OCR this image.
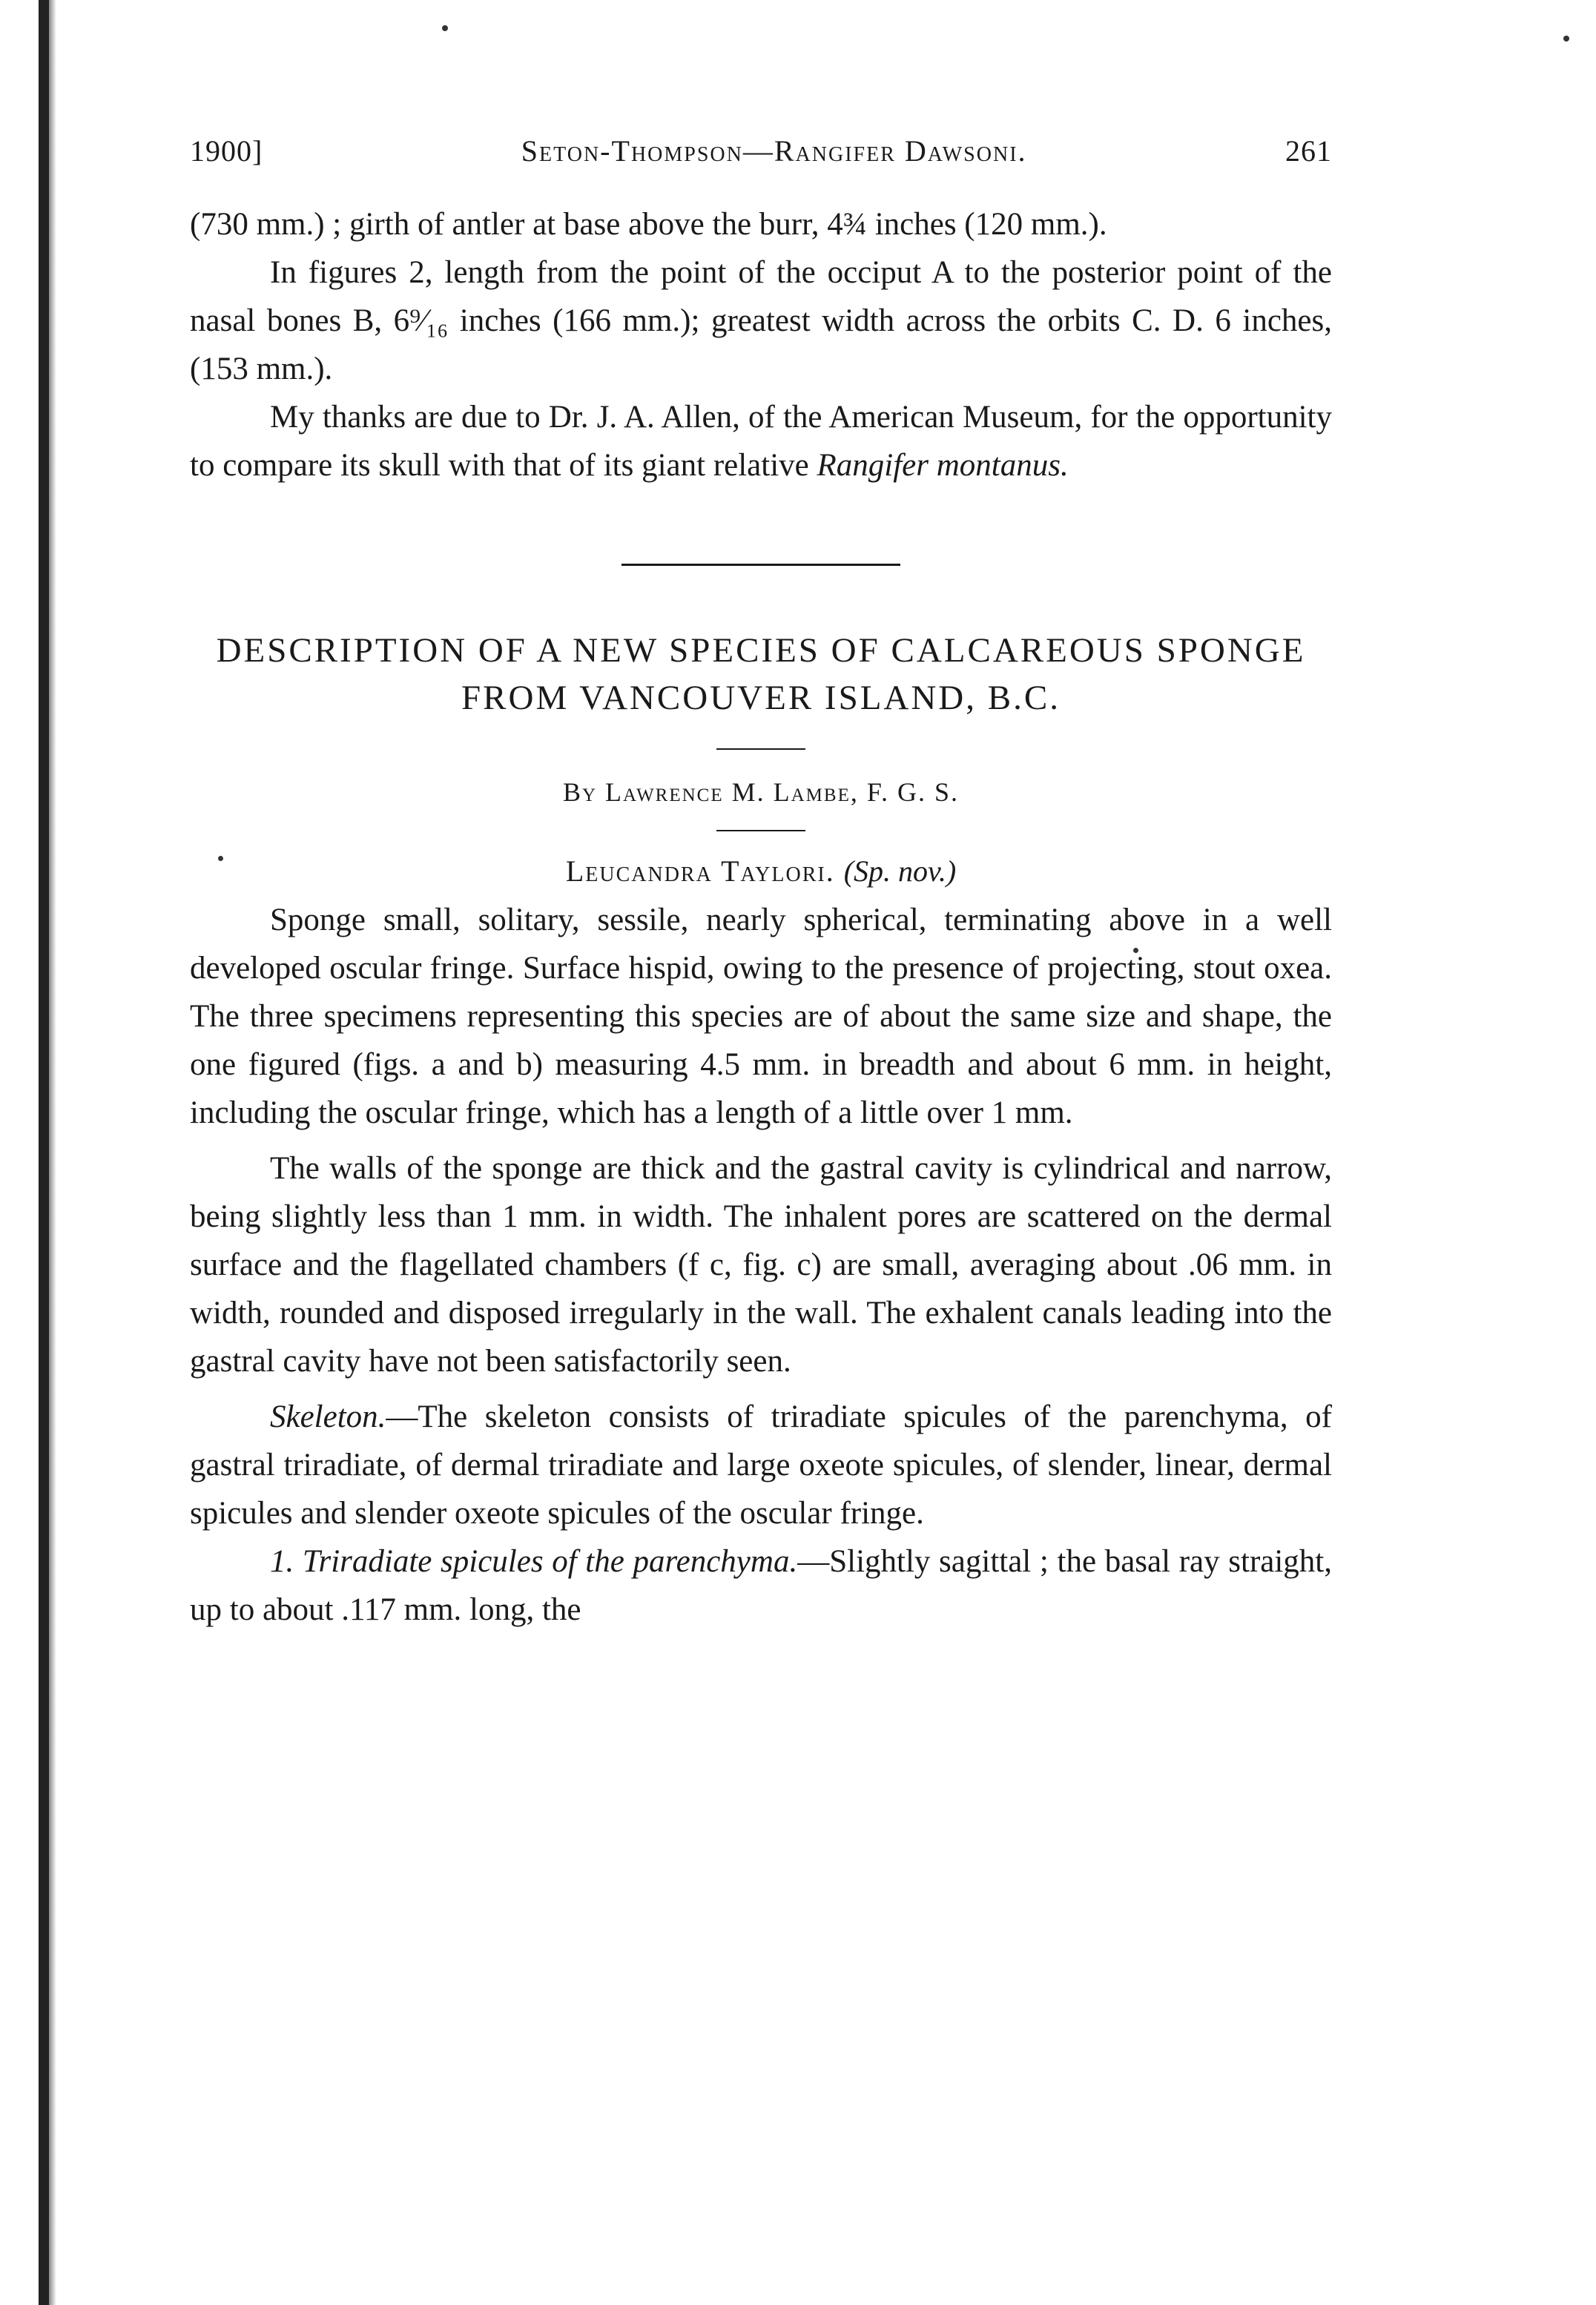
1900]	Seton-Thompson—Rangifer Dawsoni.	261

(730 mm.) ; girth of antler at base above the burr, 4¾ inches (120 mm.).

In figures 2, length from the point of the occiput A to the posterior point of the nasal bones B, 6⁹⁄₁₆ inches (166 mm.); greatest width across the orbits C. D. 6 inches, (153 mm.).

My thanks are due to Dr. J. A. Allen, of the American Museum, for the opportunity to compare its skull with that of its giant relative Rangifer montanus.

DESCRIPTION OF A NEW SPECIES OF CALCAREOUS SPONGE FROM VANCOUVER ISLAND, B.C.
By Lawrence M. Lambe, F. G. S.
Leucandra Taylori. (Sp. nov.)

Sponge small, solitary, sessile, nearly spherical, terminating above in a well developed oscular fringe. Surface hispid, owing to the presence of projecting, stout oxea. The three specimens representing this species are of about the same size and shape, the one figured (figs. a and b) measuring 4.5 mm. in breadth and about 6 mm. in height, including the oscular fringe, which has a length of a little over 1 mm.

The walls of the sponge are thick and the gastral cavity is cylindrical and narrow, being slightly less than 1 mm. in width. The inhalent pores are scattered on the dermal surface and the flagellated chambers (f c, fig. c) are small, averaging about .06 mm. in width, rounded and disposed irregularly in the wall. The exhalent canals leading into the gastral cavity have not been satisfactorily seen.

Skeleton.—The skeleton consists of triradiate spicules of the parenchyma, of gastral triradiate, of dermal triradiate and large oxeote spicules, of slender, linear, dermal spicules and slender oxeote spicules of the oscular fringe.

1. Triradiate spicules of the parenchyma.—Slightly sagittal ; the basal ray straight, up to about .117 mm. long, the
